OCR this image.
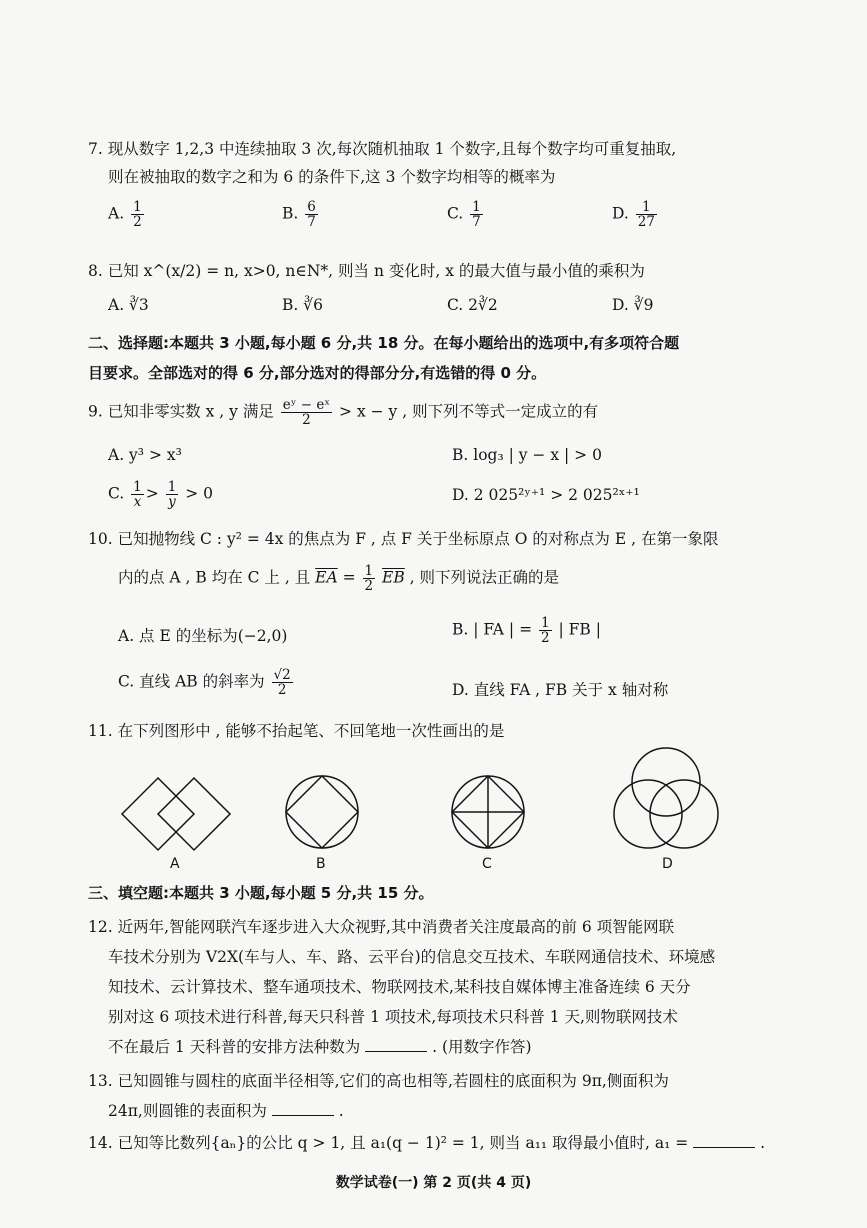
7. 现从数字 1,2,3 中连续抽取 3 次,每次随机抽取 1 个数字,且每个数字均可重复抽取,
则在被抽取的数字之和为 6 的条件下,这 3 个数字均相等的概率为
A. $\frac{1}{2}$	B. $\frac{6}{7}$	C. $\frac{1}{7}$	D. $\frac{1}{27}$
8. 已知 x^(x/2) = n, x>0, n∈N*, 则当 n 变化时, x 的最大值与最小值的乘积为
A. ∛3	B. ∛6	C. 2∛2	D. ∛9
二、选择题:本题共 3 小题,每小题 6 分,共 18 分。在每小题给出的选项中,有多项符合题
目要求。全部选对的得 6 分,部分选对的得部分分,有选错的得 0 分。
9. 已知非零实数 x , y 满足 $\frac{\text{eʸ − eˣ}}{2} > x - y$ , 则下列不等式一定成立的有
A. y³ > x³	B. log₃ | y − x | > 0
C. $\frac{1}{x} > \frac{1}{y} > 0$	D. 2 025²ʸ⁺¹ > 2 025²ˣ⁺¹
10. 已知抛物线 C : y² = 4x 的焦点为 F , 点 F 关于坐标原点 O 的对称点为 E , 在第一象限
内的点 A , B 均在 C 上 , 且 $\overline{EA} = \frac{1}{2} \overline{EB}$ , 则下列说法正确的是
A. 点 E 的坐标为(−2,0)	B. | FA | = $\frac{1}{2}$ | FB |
C. 直线 AB 的斜率为 $\frac{√2}{2}$	D. 直线 FA , FB 关于 x 轴对称
11. 在下列图形中 , 能够不抬起笔、不回笔地一次性画出的是
A	B	C	D
三、填空题:本题共 3 小题,每小题 5 分,共 15 分。
12. 近两年,智能网联汽车逐步进入大众视野,其中消费者关注度最高的前 6 项智能网联
车技术分别为 V2X(车与人、车、路、云平台)的信息交互技术、车联网通信技术、环境感
知技术、云计算技术、整车通项技术、物联网技术,某科技自媒体博主准备连续 6 天分
别对这 6 项技术进行科普,每天只科普 1 项技术,每项技术只科普 1 天,则物联网技术
不在最后 1 天科普的安排方法种数为	. (用数字作答)
13. 已知圆锥与圆柱的底面半径相等,它们的高也相等,若圆柱的底面积为 9π,侧面积为
24π,则圆锥的表面积为	.
14. 已知等比数列{aₙ}的公比 q > 1, 且 a₁(q − 1)² = 1, 则当 a₁₁ 取得最小值时, a₁ =	.
数学试卷(一) 第 2 页(共 4 页)
